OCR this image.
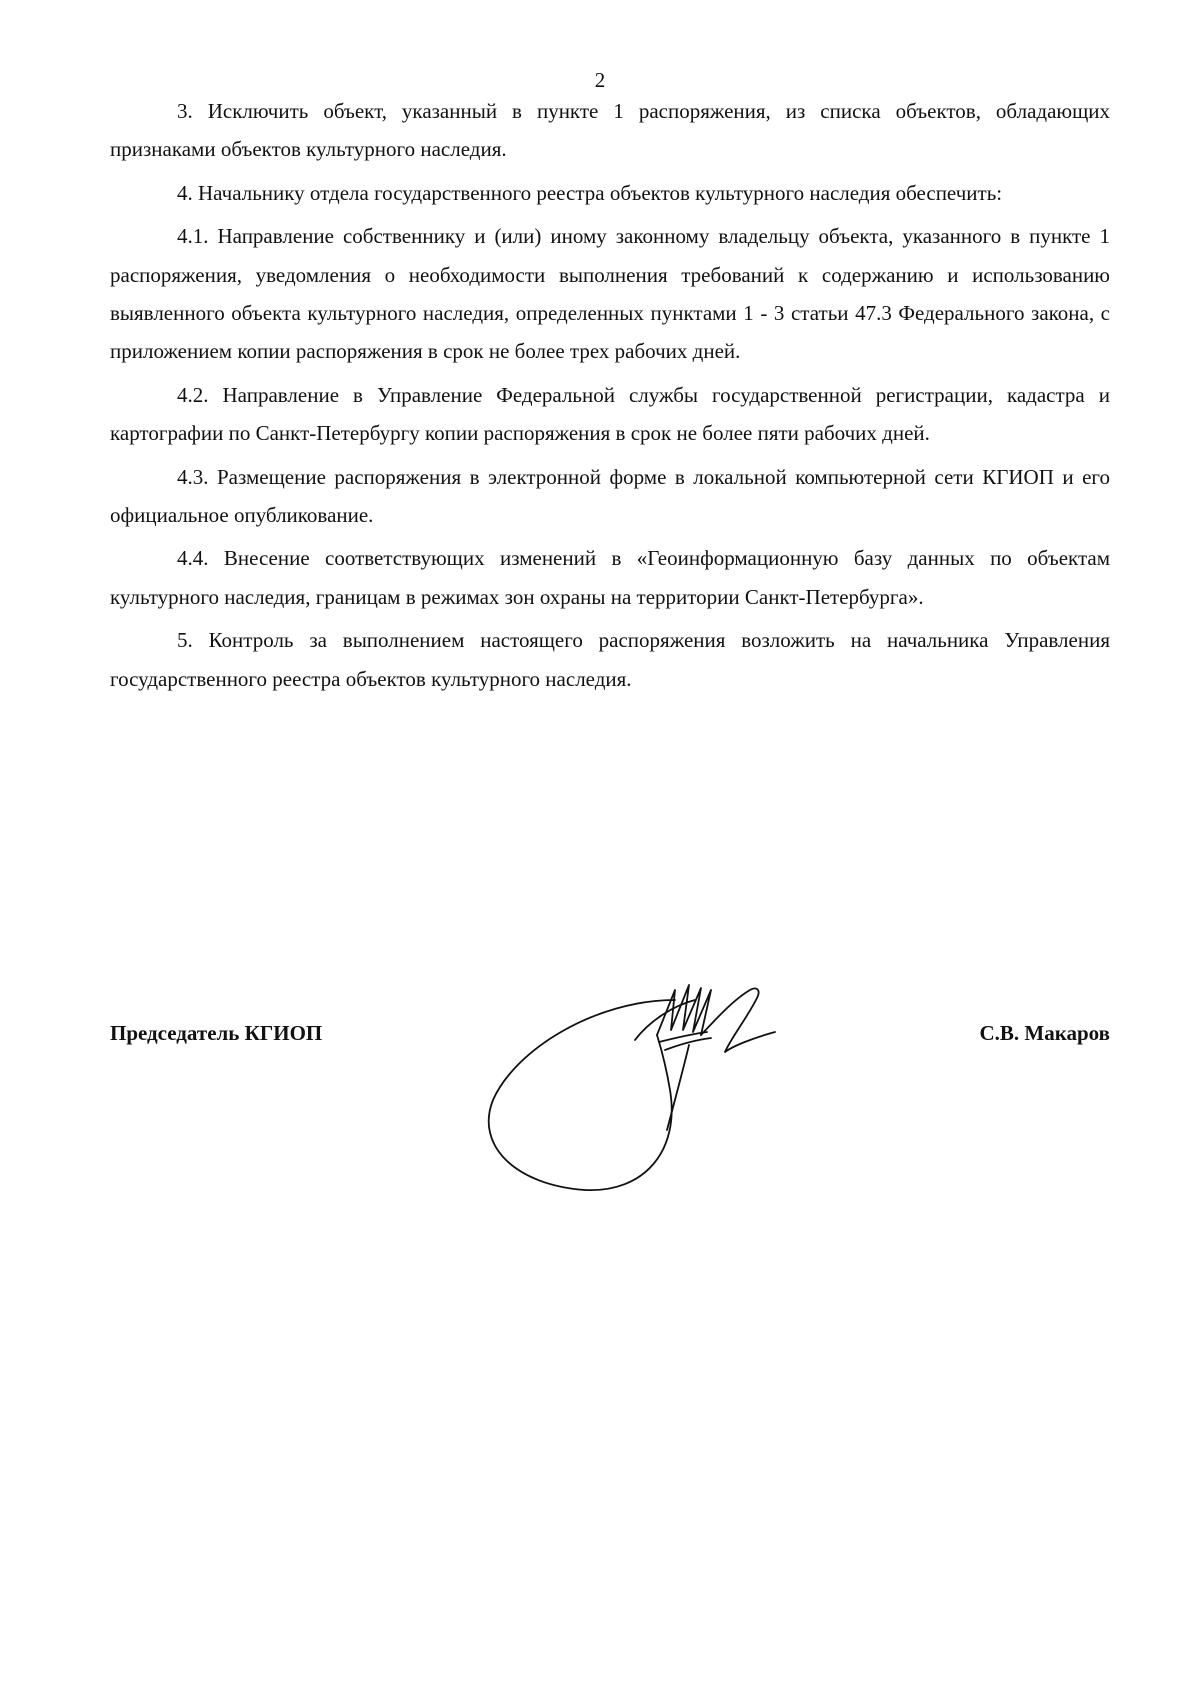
2

3. Исключить объект, указанный в пункте 1 распоряжения, из списка объектов, обладающих признаками объектов культурного наследия.

4. Начальнику отдела государственного реестра объектов культурного наследия обеспечить:

4.1. Направление собственнику и (или) иному законному владельцу объекта, указанного в пункте 1 распоряжения, уведомления о необходимости выполнения требований к содержанию и использованию выявленного объекта культурного наследия, определенных пунктами 1 - 3 статьи 47.3 Федерального закона, с приложением копии распоряжения в срок не более трех рабочих дней.

4.2. Направление в Управление Федеральной службы государственной регистрации, кадастра и картографии по Санкт-Петербургу копии распоряжения в срок не более пяти рабочих дней.

4.3. Размещение распоряжения в электронной форме в локальной компьютерной сети КГИОП и его официальное опубликование.

4.4. Внесение соответствующих изменений в «Геоинформационную базу данных по объектам культурного наследия, границам в режимах зон охраны на территории Санкт-Петербурга».

5. Контроль за выполнением настоящего распоряжения возложить на начальника Управления государственного реестра объектов культурного наследия.

Председатель КГИОП	С.В. Макаров
